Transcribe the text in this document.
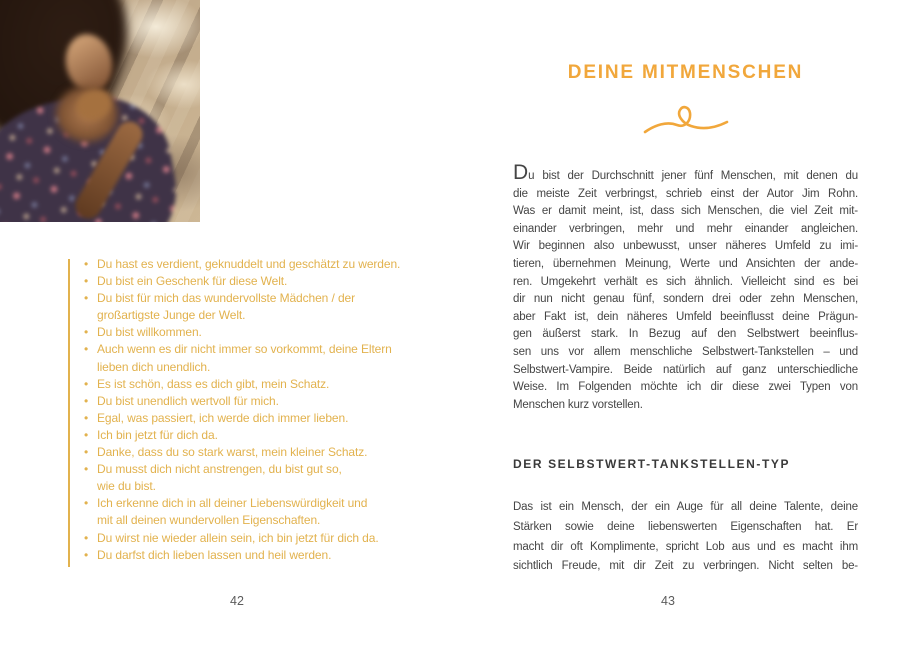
• Du hast es verdient, geknuddelt und geschätzt zu werden.
• Du bist ein Geschenk für diese Welt.
• Du bist für mich das wundervollste Mädchen / der
großartigste Junge der Welt.
• Du bist willkommen.
• Auch wenn es dir nicht immer so vorkommt, deine Eltern
lieben dich unendlich.
• Es ist schön, dass es dich gibt, mein Schatz.
• Du bist unendlich wertvoll für mich.
• Egal, was passiert, ich werde dich immer lieben.
• Ich bin jetzt für dich da.
• Danke, dass du so stark warst, mein kleiner Schatz.
• Du musst dich nicht anstrengen, du bist gut so,
wie du bist.
• Ich erkenne dich in all deiner Liebenswürdigkeit und
mit all deinen wundervollen Eigenschaften.
• Du wirst nie wieder allein sein, ich bin jetzt für dich da.
• Du darfst dich lieben lassen und heil werden.
42
DEINE MITMENSCHEN
Du bist der Durchschnitt jener fünf Menschen, mit denen du
die meiste Zeit verbringst, schrieb einst der Autor Jim Rohn.
Was er damit meint, ist, dass sich Menschen, die viel Zeit mit-
einander verbringen, mehr und mehr einander angleichen.
Wir beginnen also unbewusst, unser näheres Umfeld zu imi-
tieren, übernehmen Meinung, Werte und Ansichten der ande-
ren. Umgekehrt verhält es sich ähnlich. Vielleicht sind es bei
dir nun nicht genau fünf, sondern drei oder zehn Menschen,
aber Fakt ist, dein näheres Umfeld beeinflusst deine Prägun-
gen äußerst stark. In Bezug auf den Selbstwert beeinflus-
sen uns vor allem menschliche Selbstwert-Tankstellen – und
Selbstwert-Vampire. Beide natürlich auf ganz unterschiedliche
Weise. Im Folgenden möchte ich dir diese zwei Typen von
Menschen kurz vorstellen.
DER SELBSTWERT-TANKSTELLEN-TYP
Das ist ein Mensch, der ein Auge für all deine Talente, deine
Stärken sowie deine liebenswerten Eigenschaften hat. Er
macht dir oft Komplimente, spricht Lob aus und es macht ihm
sichtlich Freude, mit dir Zeit zu verbringen. Nicht selten be-
43
